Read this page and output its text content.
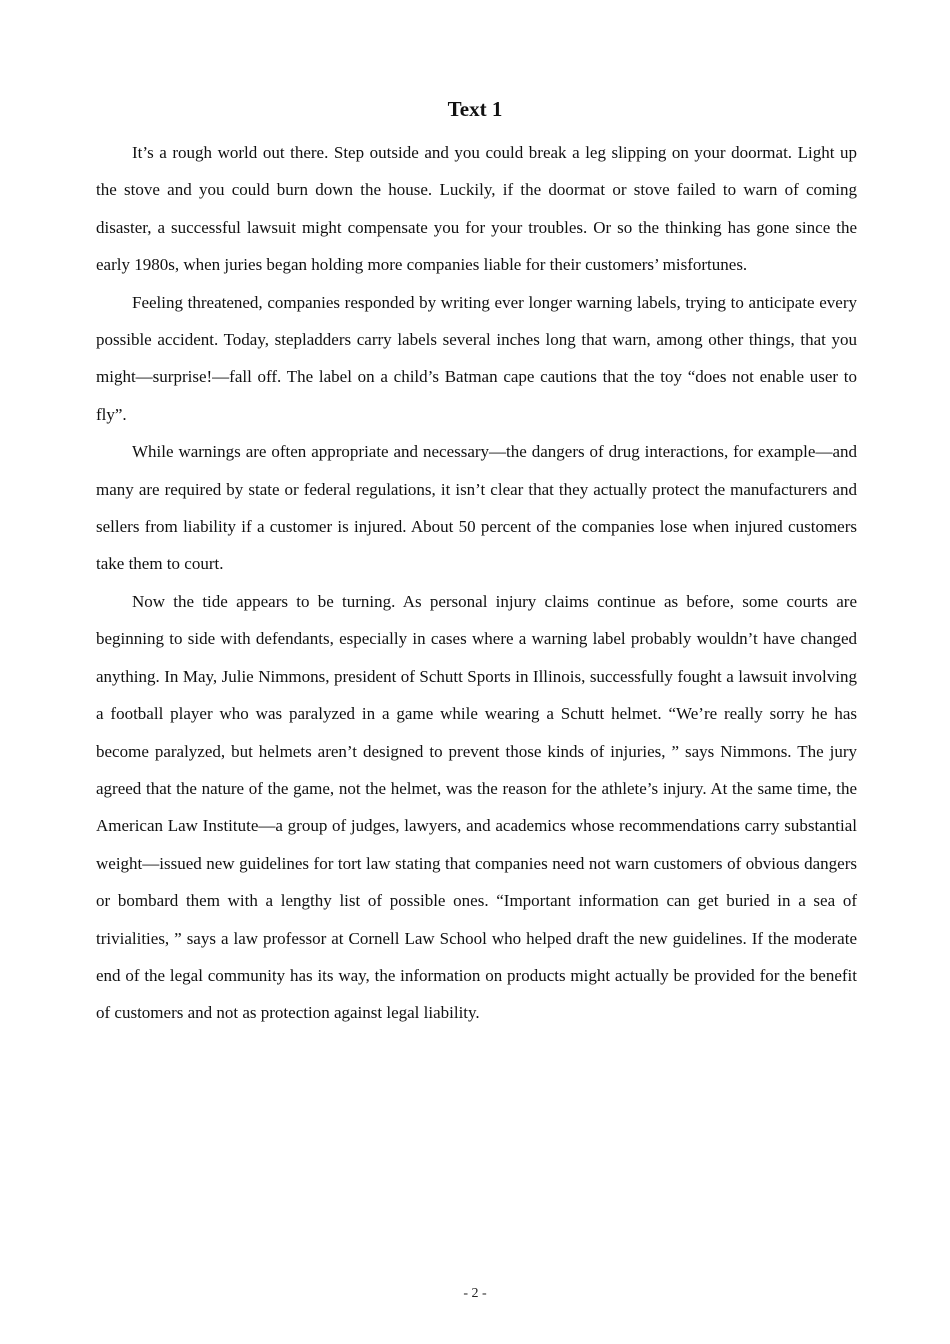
Text 1

It’s a rough world out there. Step outside and you could break a leg slipping on your doormat. Light up the stove and you could burn down the house. Luckily, if the doormat or stove failed to warn of coming disaster, a successful lawsuit might compensate you for your troubles. Or so the thinking has gone since the early 1980s, when juries began holding more companies liable for their customers’ misfortunes.

Feeling threatened, companies responded by writing ever longer warning labels, trying to anticipate every possible accident. Today, stepladders carry labels several inches long that warn, among other things, that you might—surprise!—fall off. The label on a child’s Batman cape cautions that the toy “does not enable user to fly”.

While warnings are often appropriate and necessary—the dangers of drug interactions, for example—and many are required by state or federal regulations, it isn’t clear that they actually protect the manufacturers and sellers from liability if a customer is injured. About 50 percent of the companies lose when injured customers take them to court.

Now the tide appears to be turning. As personal injury claims continue as before, some courts are beginning to side with defendants, especially in cases where a warning label probably wouldn’t have changed anything. In May, Julie Nimmons, president of Schutt Sports in Illinois, successfully fought a lawsuit involving a football player who was paralyzed in a game while wearing a Schutt helmet. “We’re really sorry he has become paralyzed, but helmets aren’t designed to prevent those kinds of injuries, ” says Nimmons. The jury agreed that the nature of the game, not the helmet, was the reason for the athlete’s injury. At the same time, the American Law Institute—a group of judges, lawyers, and academics whose recommendations carry substantial weight—issued new guidelines for tort law stating that companies need not warn customers of obvious dangers or bombard them with a lengthy list of possible ones. “Important information can get buried in a sea of trivialities, ” says a law professor at Cornell Law School who helped draft the new guidelines. If the moderate end of the legal community has its way, the information on products might actually be provided for the benefit of customers and not as protection against legal liability.

- 2 -
